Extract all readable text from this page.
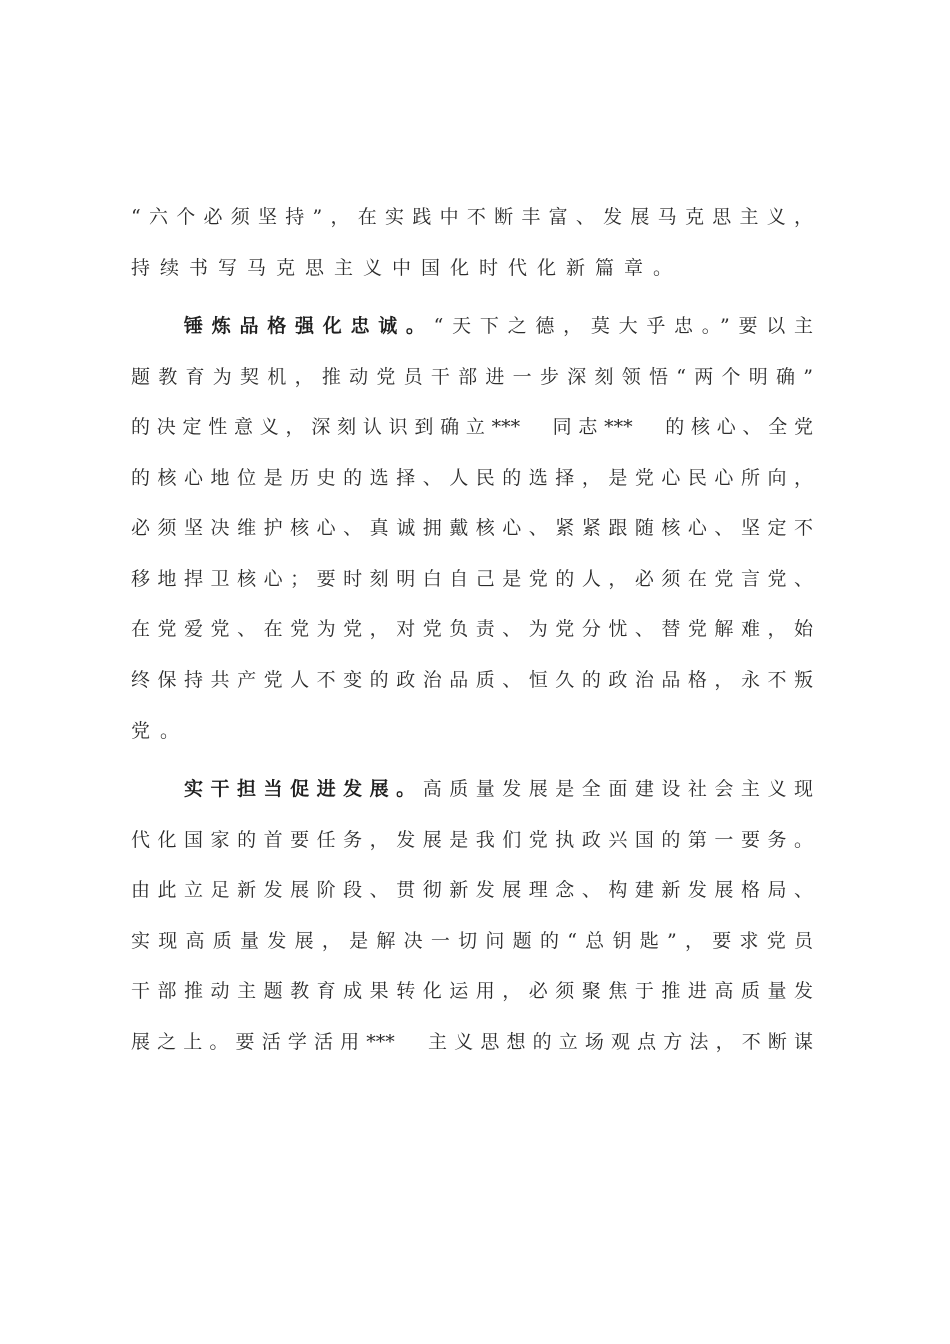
“六个必须坚持”，在实践中不断丰富、发展马克思主义，
持续书写马克思主义中国化时代化新篇章。
锤炼品格强化忠诚。“天下之德，莫大乎忠。”要以主
题教育为契机，推动党员干部进一步深刻领悟“两个明确”
的决定性意义，深刻认识到确立***　同志***　的核心、全党
的核心地位是历史的选择、人民的选择，是党心民心所向，
必须坚决维护核心、真诚拥戴核心、紧紧跟随核心、坚定不
移地捍卫核心；要时刻明白自己是党的人，必须在党言党、
在党爱党、在党为党，对党负责、为党分忧、替党解难，始
终保持共产党人不变的政治品质、恒久的政治品格，永不叛
党。
实干担当促进发展。高质量发展是全面建设社会主义现
代化国家的首要任务，发展是我们党执政兴国的第一要务。
由此立足新发展阶段、贯彻新发展理念、构建新发展格局、
实现高质量发展，是解决一切问题的“总钥匙”，要求党员
干部推动主题教育成果转化运用，必须聚焦于推进高质量发
展之上。要活学活用***　主义思想的立场观点方法，不断谋
